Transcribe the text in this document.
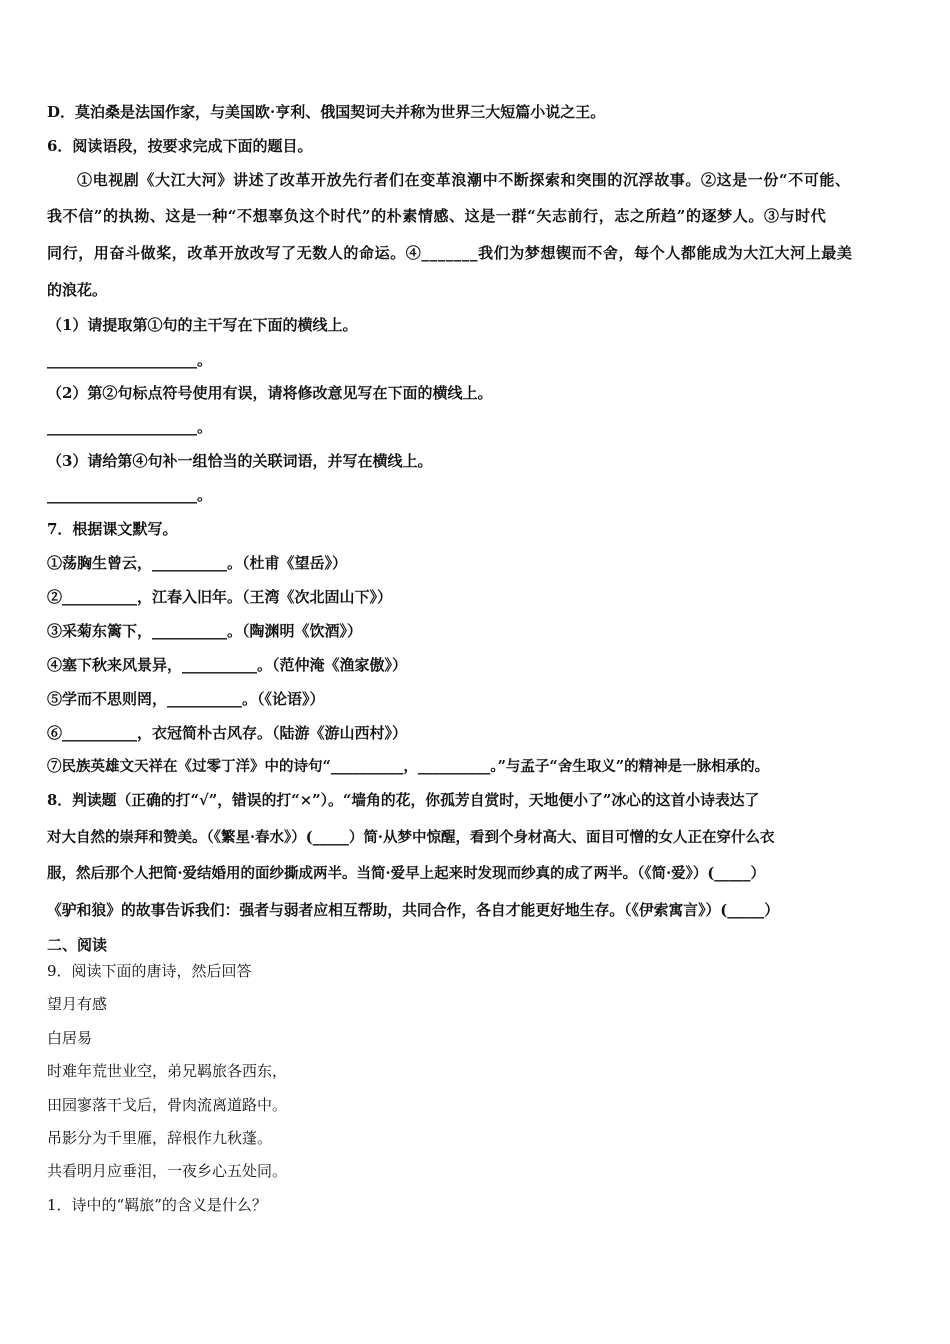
D．莫泊桑是法国作家，与美国欧·亨利、俄国契诃夫并称为世界三大短篇小说之王。
6．阅读语段，按要求完成下面的题目。
①电视剧《大江大河》讲述了改革开放先行者们在变革浪潮中不断探索和突围的沉浮故事。②这是一份“不可能、
我不信”的执拗、这是一种“不想辜负这个时代”的朴素情感、这是一群“矢志前行，志之所趋”的逐梦人。③与时代
同行，用奋斗做桨，改革开放改写了无数人的命运。④_______我们为梦想锲而不舍，每个人都能成为大江大河上最美
的浪花。
（1）请提取第①句的主干写在下面的横线上。
____________________。
（2）第②句标点符号使用有误，请将修改意见写在下面的横线上。
____________________。
（3）请给第④句补一组恰当的关联词语，并写在横线上。
____________________。
7．根据课文默写。
①荡胸生曾云，__________。（杜甫《望岳》）
②__________，江春入旧年。（王湾《次北固山下》）
③采菊东篱下，__________。（陶渊明《饮酒》）
④塞下秋来风景异，__________。（范仲淹《渔家傲》）
⑤学而不思则罔，__________。（《论语》）
⑥__________，衣冠简朴古风存。（陆游《游山西村》）
⑦民族英雄文天祥在《过零丁洋》中的诗句“__________，__________。”与孟子“舍生取义”的精神是一脉相承的。
8．判读题（正确的打“√”，错误的打“×”）。“墙角的花，你孤芳自赏时，天地便小了”冰心的这首小诗表达了
对大自然的崇拜和赞美。（《繁星·春水》）(_____）简·从梦中惊醒，看到个身材高大、面目可憎的女人正在穿什么衣
服，然后那个人把简·爱结婚用的面纱撕成两半。当简·爱早上起来时发现而纱真的成了两半。（《简·爱》）(_____）
《驴和狼》的故事告诉我们：强者与弱者应相互帮助，共同合作，各自才能更好地生存。（《伊索寓言》）(_____）
二、阅读
9．阅读下面的唐诗，然后回答
望月有感
白居易
时难年荒世业空，弟兄羁旅各西东，
田园寥落干戈后，骨肉流离道路中。
吊影分为千里雁，辞根作九秋蓬。
共看明月应垂泪，一夜乡心五处同。
1．诗中的“羁旅”的含义是什么？
